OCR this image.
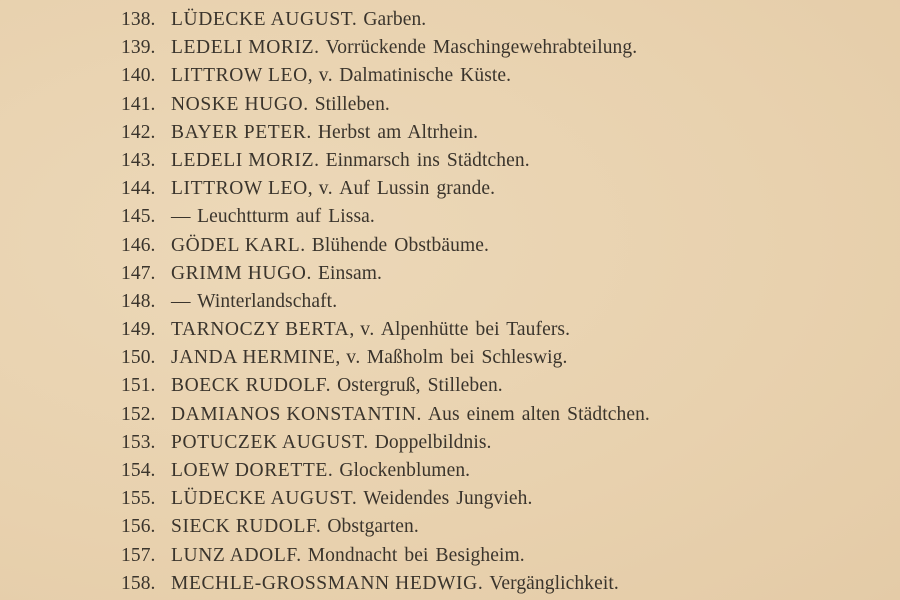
138. LÜDECKE AUGUST. Garben.
139. LEDELI MORIZ. Vorrückende Maschingewehrabteilung.
140. LITTROW LEO, v. Dalmatinische Küste.
141. NOSKE HUGO. Stilleben.
142. BAYER PETER. Herbst am Altrhein.
143. LEDELI MORIZ. Einmarsch ins Städtchen.
144. LITTROW LEO, v. Auf Lussin grande.
145. — Leuchtturm auf Lissa.
146. GÖDEL KARL. Blühende Obstbäume.
147. GRIMM HUGO. Einsam.
148. — Winterlandschaft.
149. TARNOCZY BERTA, v. Alpenhütte bei Taufers.
150. JANDA HERMINE, v. Maßholm bei Schleswig.
151. BOECK RUDOLF. Ostergruß, Stilleben.
152. DAMIANOS KONSTANTIN. Aus einem alten Städtchen.
153. POTUCZEK AUGUST. Doppelbildnis.
154. LOEW DORETTE. Glockenblumen.
155. LÜDECKE AUGUST. Weidendes Jungvieh.
156. SIECK RUDOLF. Obstgarten.
157. LUNZ ADOLF. Mondnacht bei Besigheim.
158. MECHLE-GROSSMANN HEDWIG. Vergänglichkeit.
